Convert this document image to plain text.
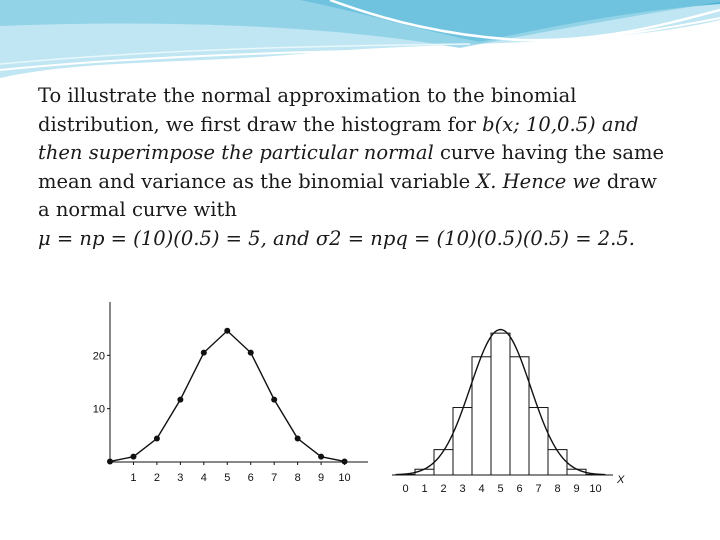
To illustrate the normal approximation to the binomial
distribution, we first draw the histogram for b(x; 10,0.5) and
then superimpose the particular normal curve having the same
mean and variance as the binomial variable X. Hence we draw
a normal curve with
μ = np = (10)(0.5) = 5, and σ2 = npq = (10)(0.5)(0.5) = 2.5.
10
20
1 2 3 4 5 6 7 8 9 10
0 1 2 3 4 5 6 7 8 9 10
X
